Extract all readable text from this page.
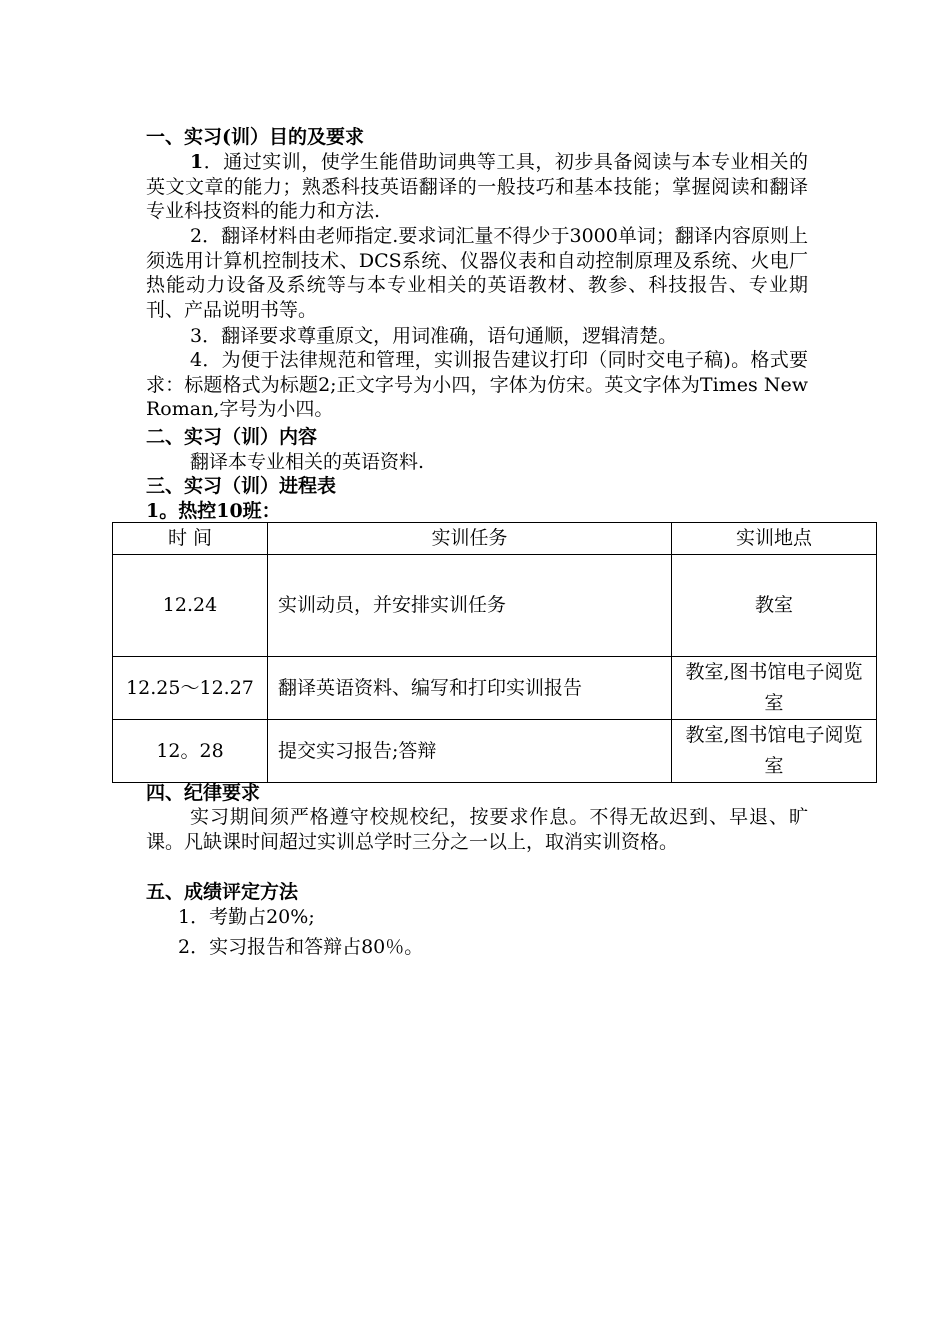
一、实习(训）目的及要求
1．通过实训，使学生能借助词典等工具，初步具备阅读与本专业相关的英文文章的能力；熟悉科技英语翻译的一般技巧和基本技能；掌握阅读和翻译专业科技资料的能力和方法.
2．翻译材料由老师指定.要求词汇量不得少于3000单词；翻译内容原则上须选用计算机控制技术、DCS系统、仪器仪表和自动控制原理及系统、火电厂热能动力设备及系统等与本专业相关的英语教材、教参、科技报告、专业期刊、产品说明书等。
3．翻译要求尊重原文，用词准确，语句通顺，逻辑清楚。
4．为便于法律规范和管理，实训报告建议打印（同时交电子稿)。格式要求：标题格式为标题2;正文字号为小四，字体为仿宋。英文字体为Times New Roman,字号为小四。
二、实习（训）内容
翻译本专业相关的英语资料.
三、实习（训）进程表
1。热控10班：
时 间	实训任务	实训地点
12.24	实训动员，并安排实训任务	教室
12.25～12.27	翻译英语资料、编写和打印实训报告	教室,图书馆电子阅览室
12。28	提交实习报告;答辩	教室,图书馆电子阅览室
四、纪律要求
实习期间须严格遵守校规校纪，按要求作息。不得无故迟到、早退、旷课。凡缺课时间超过实训总学时三分之一以上，取消实训资格。
五、成绩评定方法
1．考勤占20%;
2．实习报告和答辩占80％。
